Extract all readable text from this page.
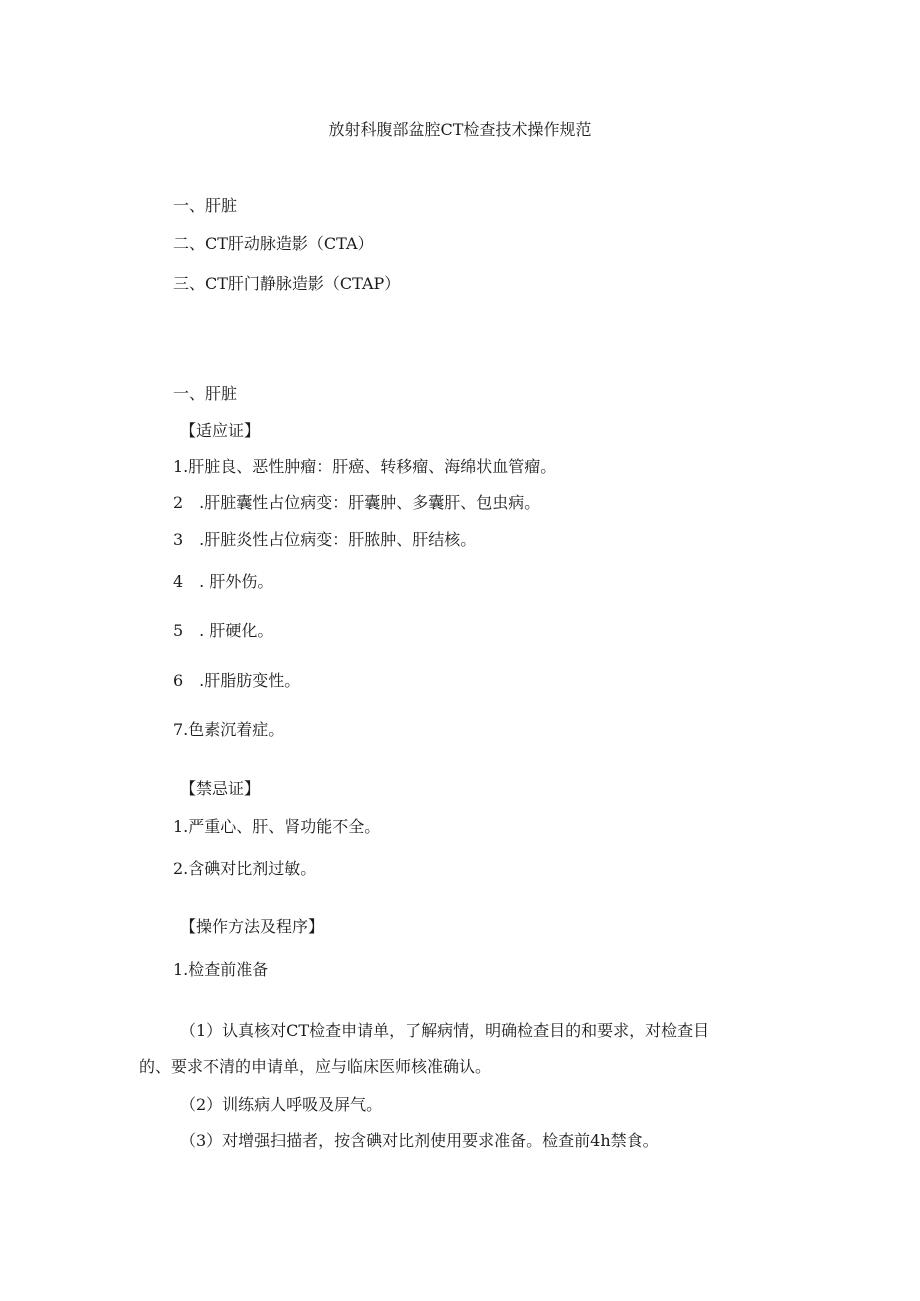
放射科腹部盆腔CT检查技术操作规范
一、肝脏
二、CT肝动脉造影（CTA）
三、CT肝门静脉造影（CTAP）
一、肝脏
【适应证】
1.肝脏良、恶性肿瘤：肝癌、转移瘤、海绵状血管瘤。
2　.肝脏囊性占位病变：肝囊肿、多囊肝、包虫病。
3　.肝脏炎性占位病变：肝脓肿、肝结核。
4　. 肝外伤。
5　. 肝硬化。
6　.肝脂肪变性。
7.色素沉着症。
【禁忌证】
1.严重心、肝、肾功能不全。
2.含碘对比剂过敏。
【操作方法及程序】
1.检查前准备
（1）认真核对CT检查申请单，了解病情，明确检查目的和要求，对检查目
的、要求不清的申请单，应与临床医师核准确认。
（2）训练病人呼吸及屏气。
（3）对增强扫描者，按含碘对比剂使用要求准备。检查前4h禁食。
